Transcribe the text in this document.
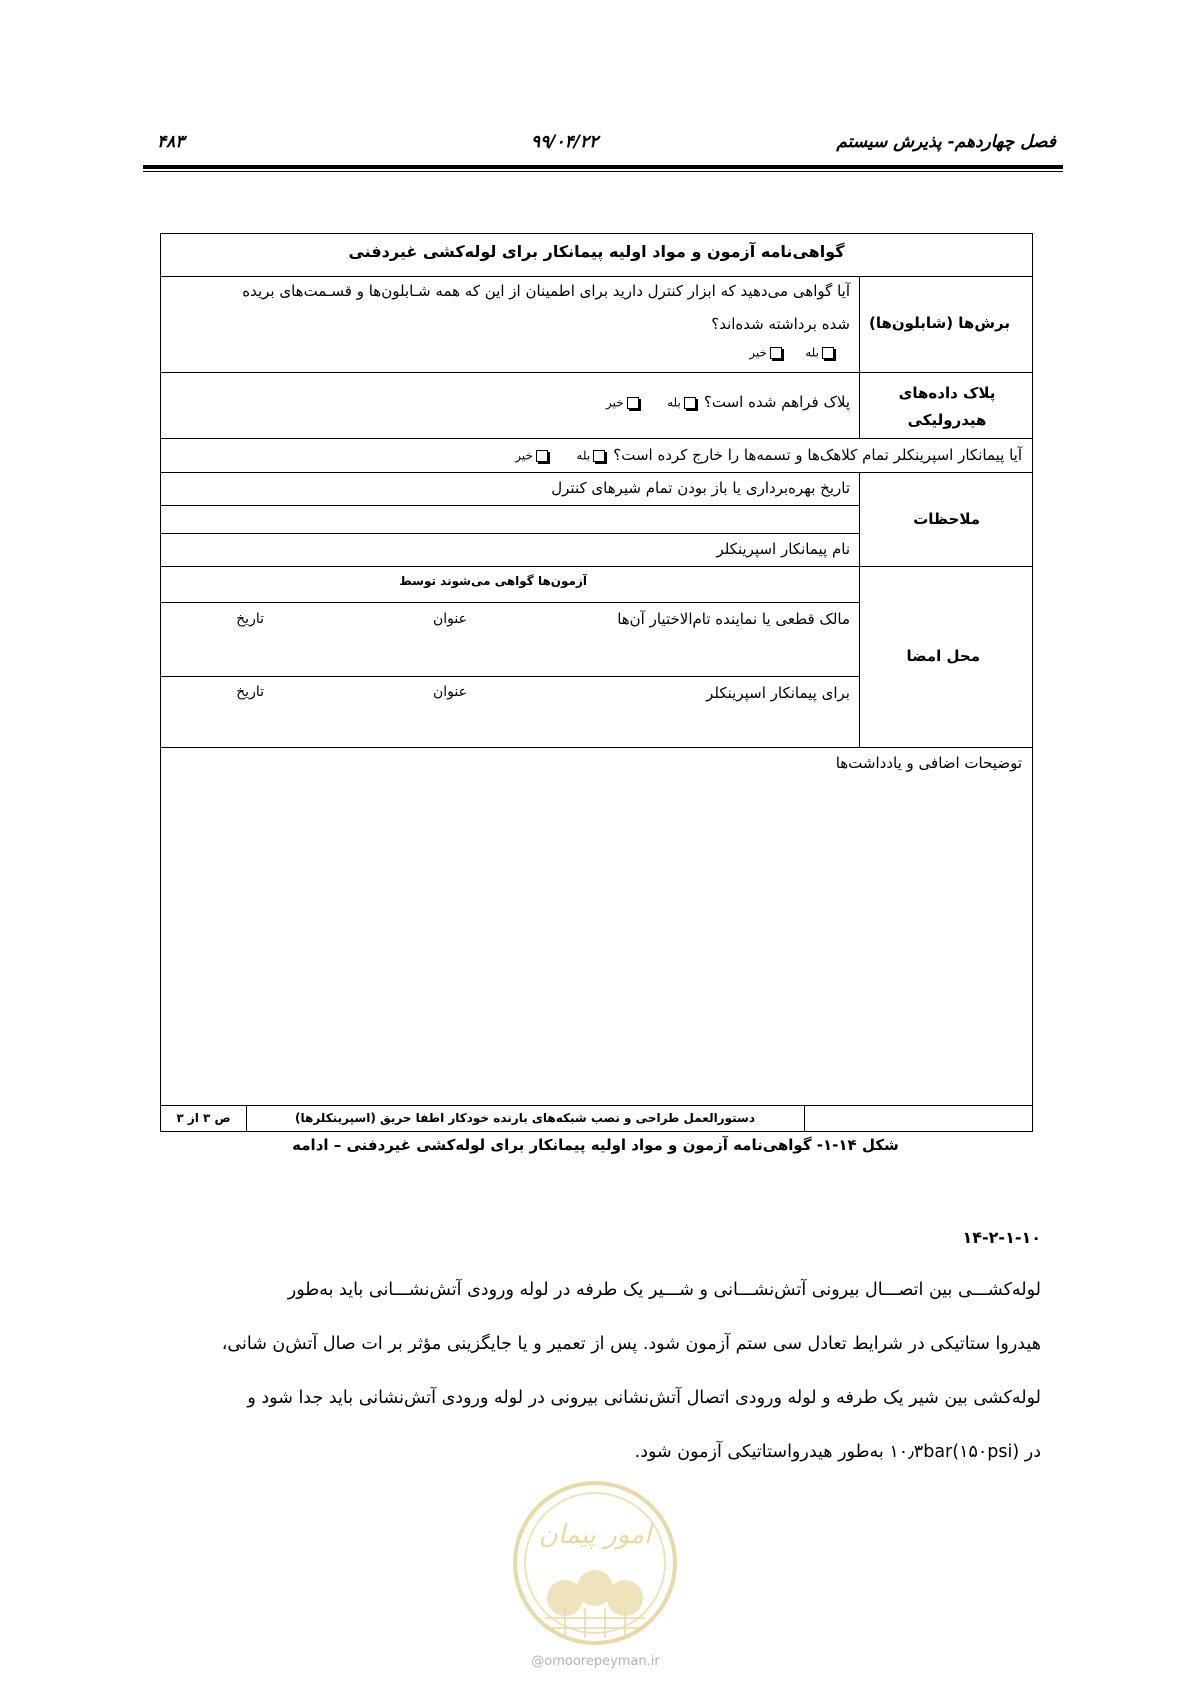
فصل چهاردهم- پذیرش سیستم
۹۹/۰۴/۲۲
۴۸۳
گواهی‌نامه آزمون و مواد اولیه پیمانکار برای لوله‌کشی غیردفنی
برش‌ها (شابلون‌ها)
آیا گواهی می‌دهید که ابزار کنترل دارید برای اطمینان از این که همه شـابلون‌ها و قسـمت‌های بریده
شده برداشته شده‌اند؟
بله    خیر
پلاک داده‌های
هیدرولیکی
پلاک فراهم شده است؟ بله     خیر
آیا پیمانکار اسپرینکلر تمام کلاهک‌ها و تسمه‌ها را خارج کرده است؟ بله     خیر
ملاحظات
تاریخ بهره‌برداری یا باز بودن تمام شیرهای کنترل
نام پیمانکار اسپرینکلر
محل امضا
آزمون‌ها گواهی می‌شوند توسط
مالک قطعی یا نماینده تام‌الاختیار آن‌ها
عنوان
تاریخ
برای پیمانکار اسپرینکلر
عنوان
تاریخ
توضیحات اضافی و یادداشت‌ها
دستورالعمل طراحی و نصب شبکه‌های بارنده خودکار اطفا حریق (اسپرینکلرها)
ص ۳ از ۳
شکل ۱۴-۱- گواهی‌نامه آزمون و مواد اولیه پیمانکار برای لوله‌کشی غیردفنی – ادامه
۱۴-۲-۱-۱۰
لوله‌کشـــی بین اتصـــال بیرونی آتش‌نشـــانی و شـــیر یک طرفه در لوله ورودی آتش‌نشـــانی باید به‌طور
هیدروا ستاتیکی در شرایط تعادل سی ستم آزمون شود. پس از تعمیر و یا جایگزینی مؤثر بر ات صال آتش‌ن شانی،
لوله‌کشی بین شیر یک طرفه و لوله ورودی اتصال آتش‌نشانی بیرونی در لوله ورودی آتش‌نشانی باید جدا شود و
در ۱۰٫۳bar(۱۵۰psi) به‌طور هیدرواستاتیکی آزمون شود.
امور پیمان
@omoorepeyman.ir
